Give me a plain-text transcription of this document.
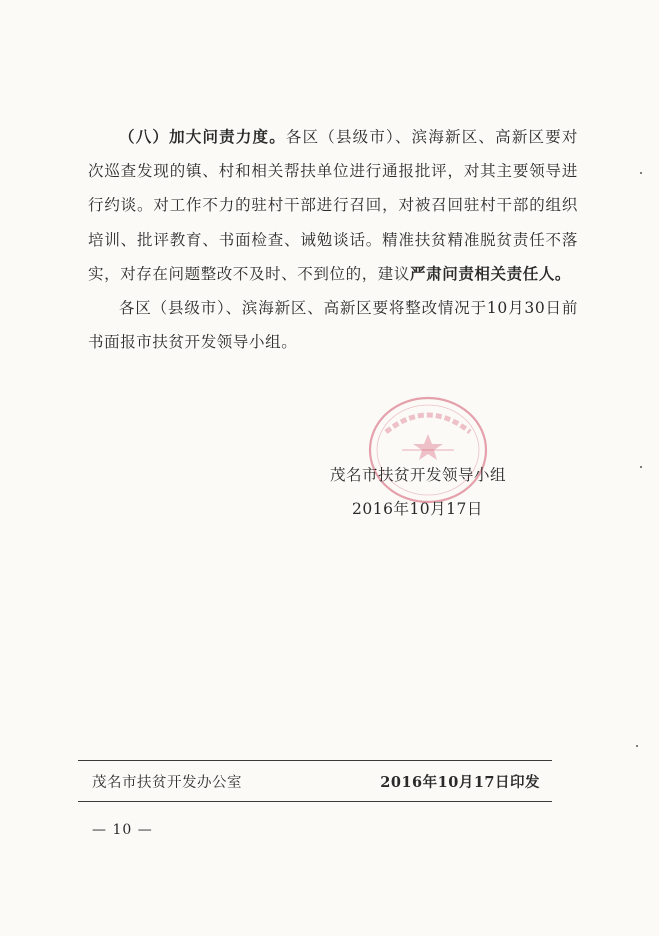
（八）加大问责力度。各区（县级市）、滨海新区、高新区要对次巡查发现的镇、村和相关帮扶单位进行通报批评，对其主要领导进行约谈。对工作不力的驻村干部进行召回，对被召回驻村干部的组织培训、批评教育、书面检查、诫勉谈话。精准扶贫精准脱贫责任不落实，对存在问题整改不及时、不到位的，建议严肃问责相关责任人。

各区（县级市）、滨海新区、高新区要将整改情况于10月30日前书面报市扶贫开发领导小组。

茂名市扶贫开发领导小组
2016年10月17日
茂名市扶贫开发办公室	2016年10月17日印发
— 10 —
